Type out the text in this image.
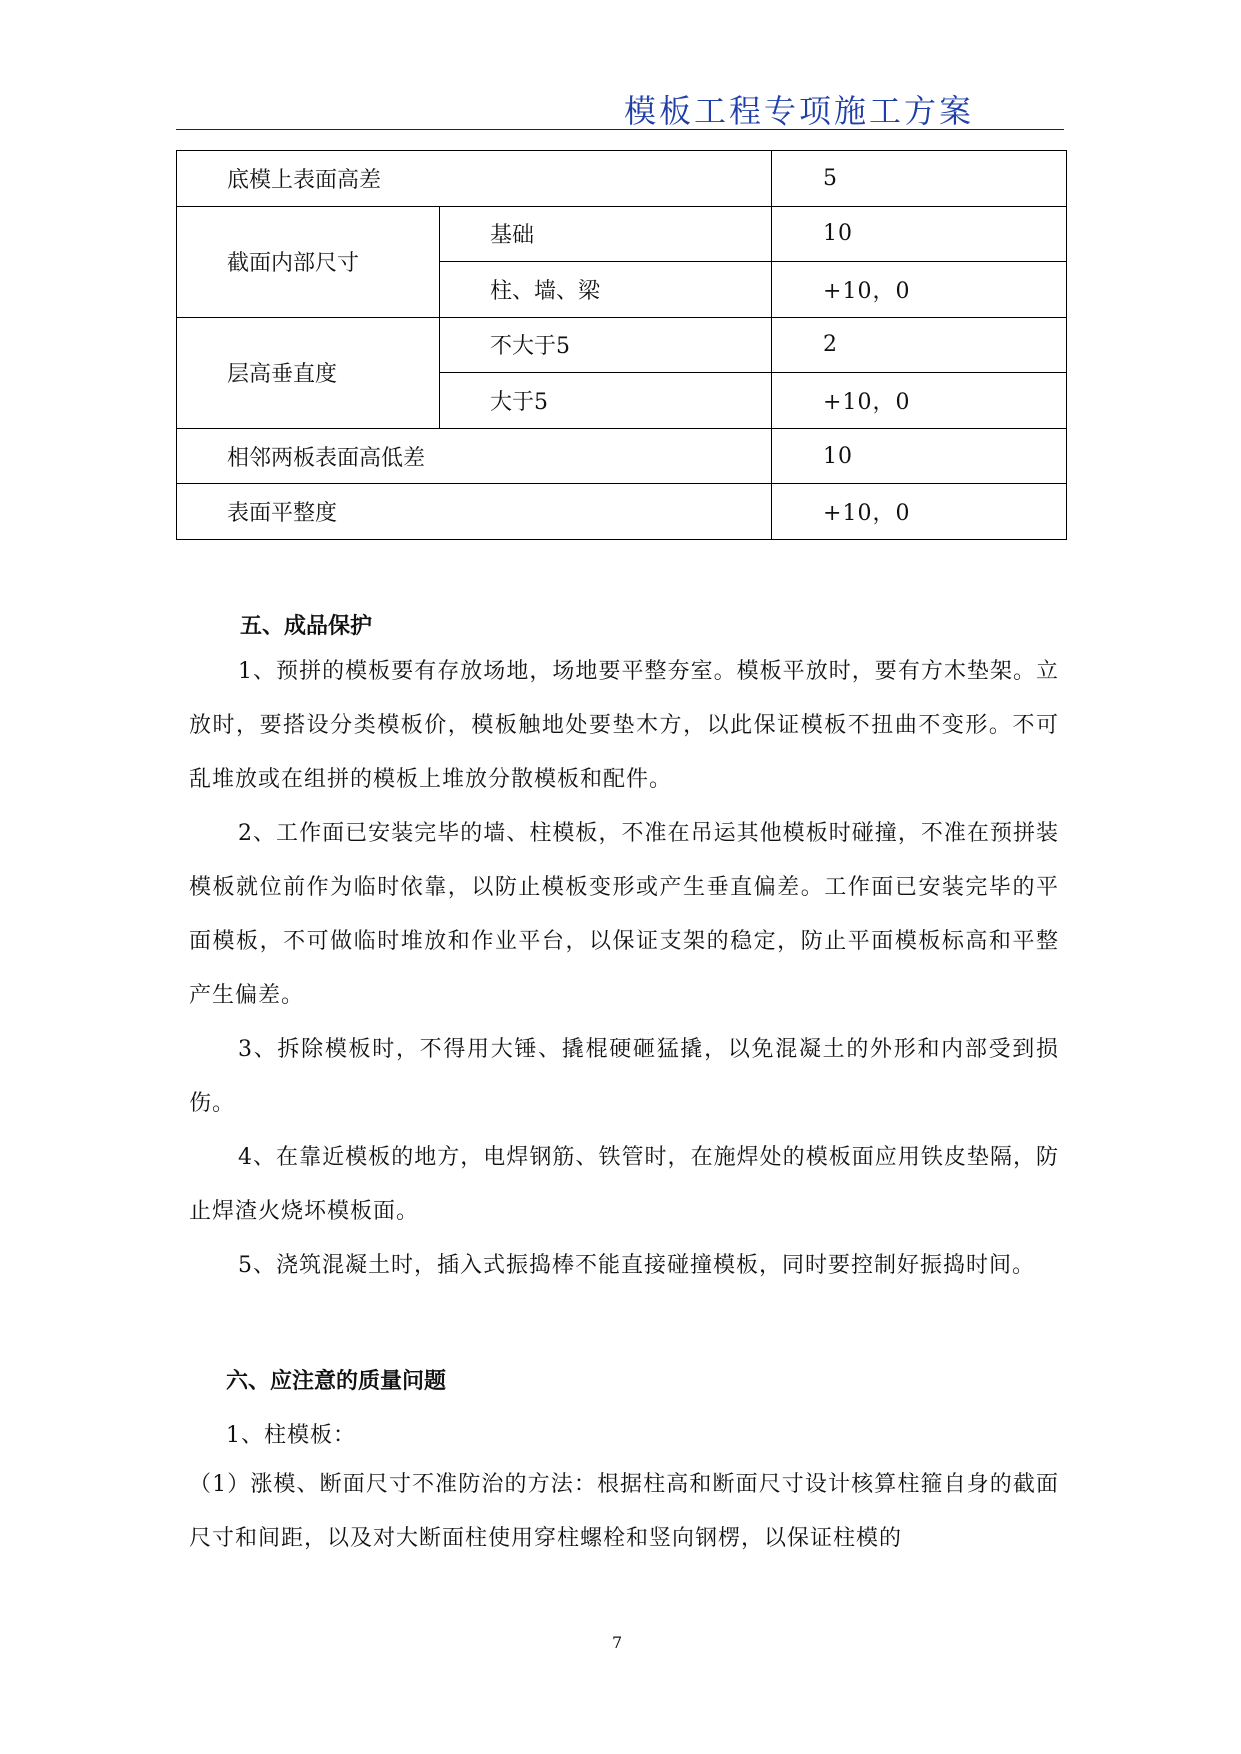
模板工程专项施工方案
底模上表面高差		5
截面内部尺寸	基础	10
	柱、墙、梁	+10，0
层高垂直度	不大于5	2
	大于5	+10，0
相邻两板表面高低差		10
表面平整度		+10，0
五、成品保护
1、预拼的模板要有存放场地，场地要平整夯室。模板平放时，要有方木垫架。立放时，要搭设分类模板价，模板触地处要垫木方，以此保证模板不扭曲不变形。不可乱堆放或在组拼的模板上堆放分散模板和配件。
2、工作面已安装完毕的墙、柱模板，不准在吊运其他模板时碰撞，不准在预拼装模板就位前作为临时依靠，以防止模板变形或产生垂直偏差。工作面已安装完毕的平面模板，不可做临时堆放和作业平台，以保证支架的稳定，防止平面模板标高和平整产生偏差。
3、拆除模板时，不得用大锤、撬棍硬砸猛撬，以免混凝土的外形和内部受到损伤。
4、在靠近模板的地方，电焊钢筋、铁管时，在施焊处的模板面应用铁皮垫隔，防止焊渣火烧坏模板面。
5、浇筑混凝土时，插入式振捣棒不能直接碰撞模板，同时要控制好振捣时间。
六、应注意的质量问题
1、柱模板：
（1）涨模、断面尺寸不准防治的方法：根据柱高和断面尺寸设计核算柱箍自身的截面尺寸和间距，以及对大断面柱使用穿柱螺栓和竖向钢楞，以保证柱模的
7
